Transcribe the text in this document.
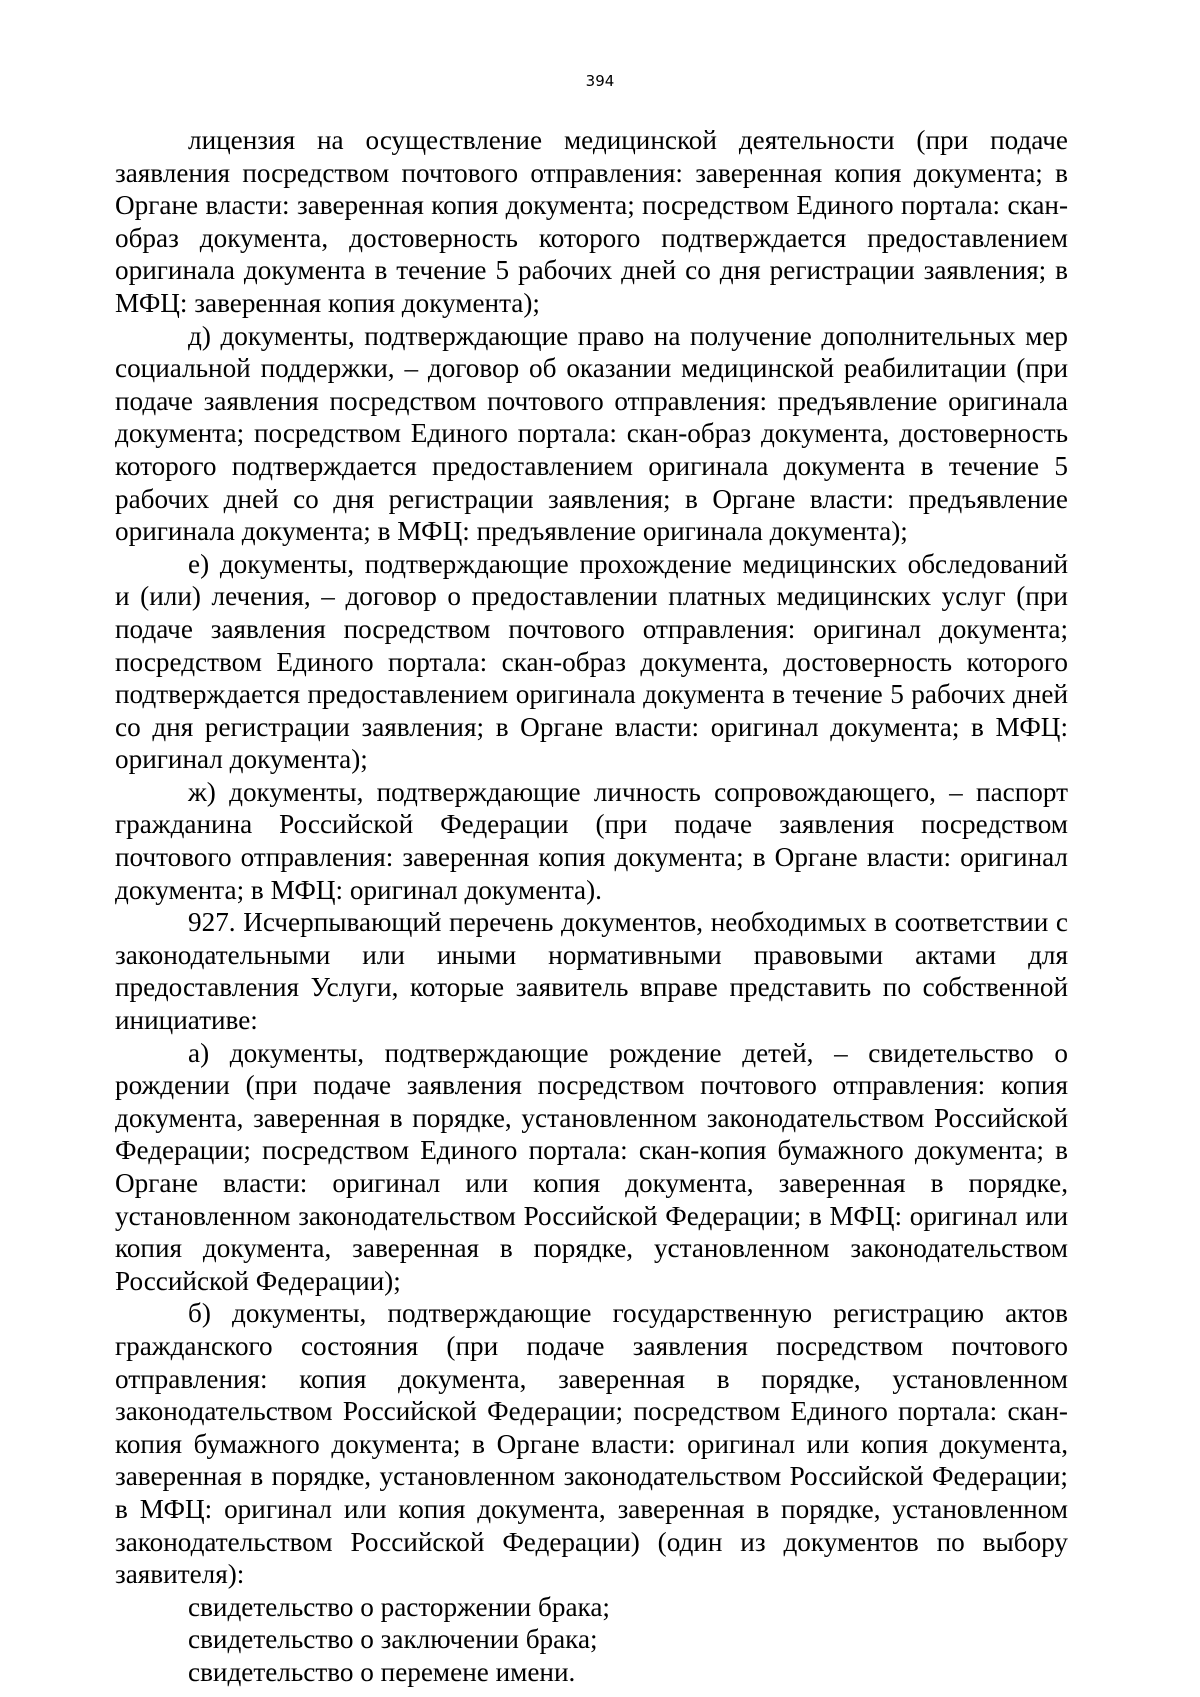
394

лицензия на осуществление медицинской деятельности (при подаче заявления посредством почтового отправления: заверенная копия документа; в Органе власти: заверенная копия документа; посредством Единого портала: скан-образ документа, достоверность которого подтверждается предоставлением оригинала документа в течение 5 рабочих дней со дня регистрации заявления; в МФЦ: заверенная копия документа);

д) документы, подтверждающие право на получение дополнительных мер социальной поддержки, – договор об оказании медицинской реабилитации (при подаче заявления посредством почтового отправления: предъявление оригинала документа; посредством Единого портала: скан-образ документа, достоверность которого подтверждается предоставлением оригинала документа в течение 5 рабочих дней со дня регистрации заявления; в Органе власти: предъявление оригинала документа; в МФЦ: предъявление оригинала документа);

е) документы, подтверждающие прохождение медицинских обследований и (или) лечения, – договор о предоставлении платных медицинских услуг (при подаче заявления посредством почтового отправления: оригинал документа; посредством Единого портала: скан-образ документа, достоверность которого подтверждается предоставлением оригинала документа в течение 5 рабочих дней со дня регистрации заявления; в Органе власти: оригинал документа; в МФЦ: оригинал документа);

ж) документы, подтверждающие личность сопровождающего, – паспорт гражданина Российской Федерации (при подаче заявления посредством почтового отправления: заверенная копия документа; в Органе власти: оригинал документа; в МФЦ: оригинал документа).

927. Исчерпывающий перечень документов, необходимых в соответствии с законодательными или иными нормативными правовыми актами для предоставления Услуги, которые заявитель вправе представить по собственной инициативе:

а) документы, подтверждающие рождение детей, – свидетельство о рождении (при подаче заявления посредством почтового отправления: копия документа, заверенная в порядке, установленном законодательством Российской Федерации; посредством Единого портала: скан-копия бумажного документа; в Органе власти: оригинал или копия документа, заверенная в порядке, установленном законодательством Российской Федерации; в МФЦ: оригинал или копия документа, заверенная в порядке, установленном законодательством Российской Федерации);

б) документы, подтверждающие государственную регистрацию актов гражданского состояния (при подаче заявления посредством почтового отправления: копия документа, заверенная в порядке, установленном законодательством Российской Федерации; посредством Единого портала: скан-копия бумажного документа; в Органе власти: оригинал или копия документа, заверенная в порядке, установленном законодательством Российской Федерации; в МФЦ: оригинал или копия документа, заверенная в порядке, установленном законодательством Российской Федерации) (один из документов по выбору заявителя):

свидетельство о расторжении брака;

свидетельство о заключении брака;

свидетельство о перемене имени.
